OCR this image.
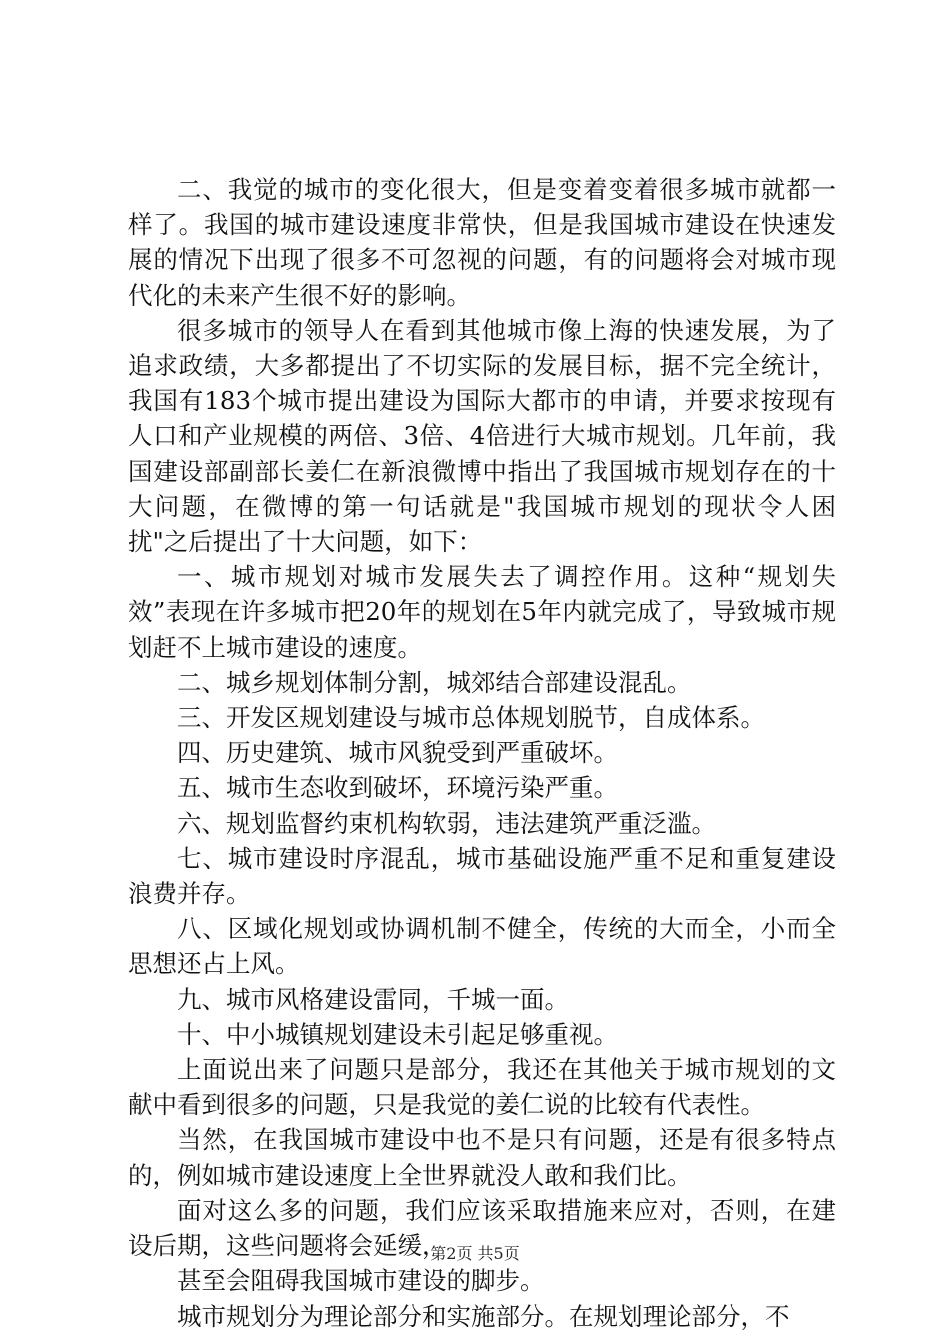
二、我觉的城市的变化很大，但是变着变着很多城市就都一样了。我国的城市建设速度非常快，但是我国城市建设在快速发展的情况下出现了很多不可忽视的问题，有的问题将会对城市现代化的未来产生很不好的影响。

很多城市的领导人在看到其他城市像上海的快速发展，为了追求政绩，大多都提出了不切实际的发展目标，据不完全统计，我国有183个城市提出建设为国际大都市的申请，并要求按现有人口和产业规模的两倍、3倍、4倍进行大城市规划。几年前，我国建设部副部长姜仁在新浪微博中指出了我国城市规划存在的十大问题，在微博的第一句话就是"我国城市规划的现状令人困扰"之后提出了十大问题，如下：

一、城市规划对城市发展失去了调控作用。这种“规划失效”表现在许多城市把20年的规划在5年内就完成了，导致城市规划赶不上城市建设的速度。

二、城乡规划体制分割，城郊结合部建设混乱。

三、开发区规划建设与城市总体规划脱节，自成体系。

四、历史建筑、城市风貌受到严重破坏。

五、城市生态收到破坏，环境污染严重。

六、规划监督约束机构软弱，违法建筑严重泛滥。

七、城市建设时序混乱，城市基础设施严重不足和重复建设浪费并存。

八、区域化规划或协调机制不健全，传统的大而全，小而全思想还占上风。

九、城市风格建设雷同，千城一面。

十、中小城镇规划建设未引起足够重视。

上面说出来了问题只是部分，我还在其他关于城市规划的文献中看到很多的问题，只是我觉的姜仁说的比较有代表性。

当然，在我国城市建设中也不是只有问题，还是有很多特点的，例如城市建设速度上全世界就没人敢和我们比。

面对这么多的问题，我们应该采取措施来应对，否则，在建设后期，这些问题将会延缓，

甚至会阻碍我国城市建设的脚步。

城市规划分为理论部分和实施部分。在规划理论部分，不

第2页 共5页
